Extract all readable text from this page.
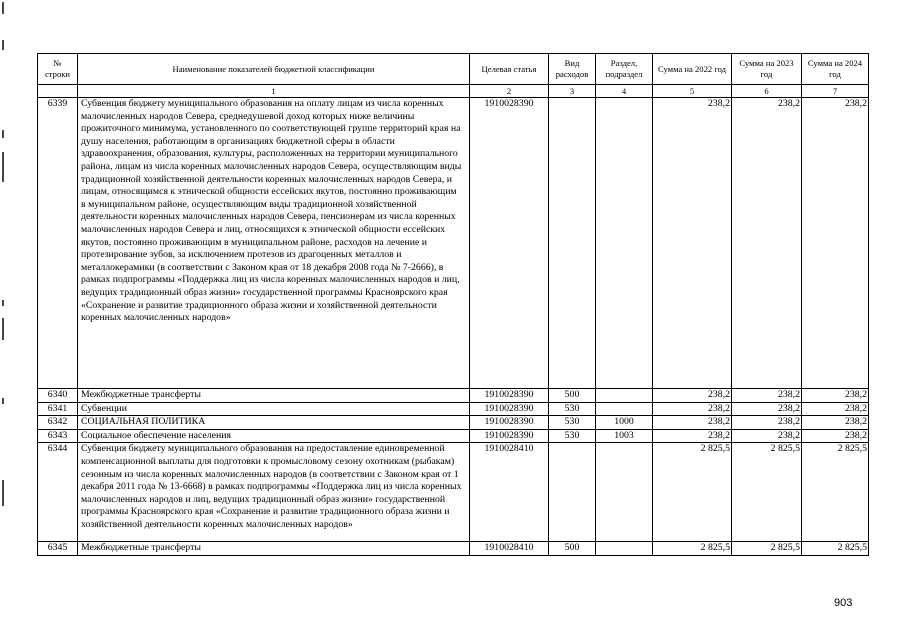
№ строки	Наименование показателей бюджетной классификации	Целевая статья	Вид расходов	Раздел, подраздел	Сумма на 2022 год	Сумма на 2023 год	Сумма на 2024 год
	1	2	3	4	5	6	7
6339	Субвенция бюджету муниципального образования на оплату лицам из числа коренных малочисленных народов Севера, среднедушевой доход которых ниже величины прожиточного минимума, установленного по соответствующей группе территорий края на душу населения, работающим в организациях бюджетной сферы в области здравоохранения, образования, культуры, расположенных на территории муниципального района, лицам из числа коренных малочисленных народов Севера, осуществляющим виды традиционной хозяйственной деятельности коренных малочисленных народов Севера, и лицам, относящимся к этнической общности ессейских якутов, постоянно проживающим в муниципальном районе, осуществляющим виды традиционной хозяйственной деятельности коренных малочисленных народов Севера, пенсионерам из числа коренных малочисленных народов Севера и лиц, относящихся к этнической общности ессейских якутов, постоянно проживающим в муниципальном районе, расходов на лечение и протезирование зубов, за исключением протезов из драгоценных металлов и металлокерамики (в соответствии с Законом края от 18 декабря 2008 года № 7-2666), в рамках подпрограммы «Поддержка лиц из числа коренных малочисленных народов и лиц, ведущих традиционный образ жизни» государственной программы Красноярского края «Сохранение и развитие традиционного образа жизни и хозяйственной деятельности коренных малочисленных народов»	1910028390			238,2	238,2	238,2
6340	Межбюджетные трансферты	1910028390	500		238,2	238,2	238,2
6341	Субвенции	1910028390	530		238,2	238,2	238,2
6342	СОЦИАЛЬНАЯ ПОЛИТИКА	1910028390	530	1000	238,2	238,2	238,2
6343	Социальное обеспечение населения	1910028390	530	1003	238,2	238,2	238,2
6344	Субвенция бюджету муниципального образования на предоставление единовременной компенсационной выплаты для подготовки к промысловому сезону охотникам (рыбакам) сезонным из числа коренных малочисленных народов (в соответствии с Законом края от 1 декабря 2011 года № 13-6668) в рамках подпрограммы «Поддержка лиц из числа коренных малочисленных народов и лиц, ведущих традиционный образ жизни» государственной программы Красноярского края «Сохранение и развитие традиционного образа жизни и хозяйственной деятельности коренных малочисленных народов»	1910028410			2 825,5	2 825,5	2 825,5
6345	Межбюджетные трансферты	1910028410	500		2 825,5	2 825,5	2 825,5
903
